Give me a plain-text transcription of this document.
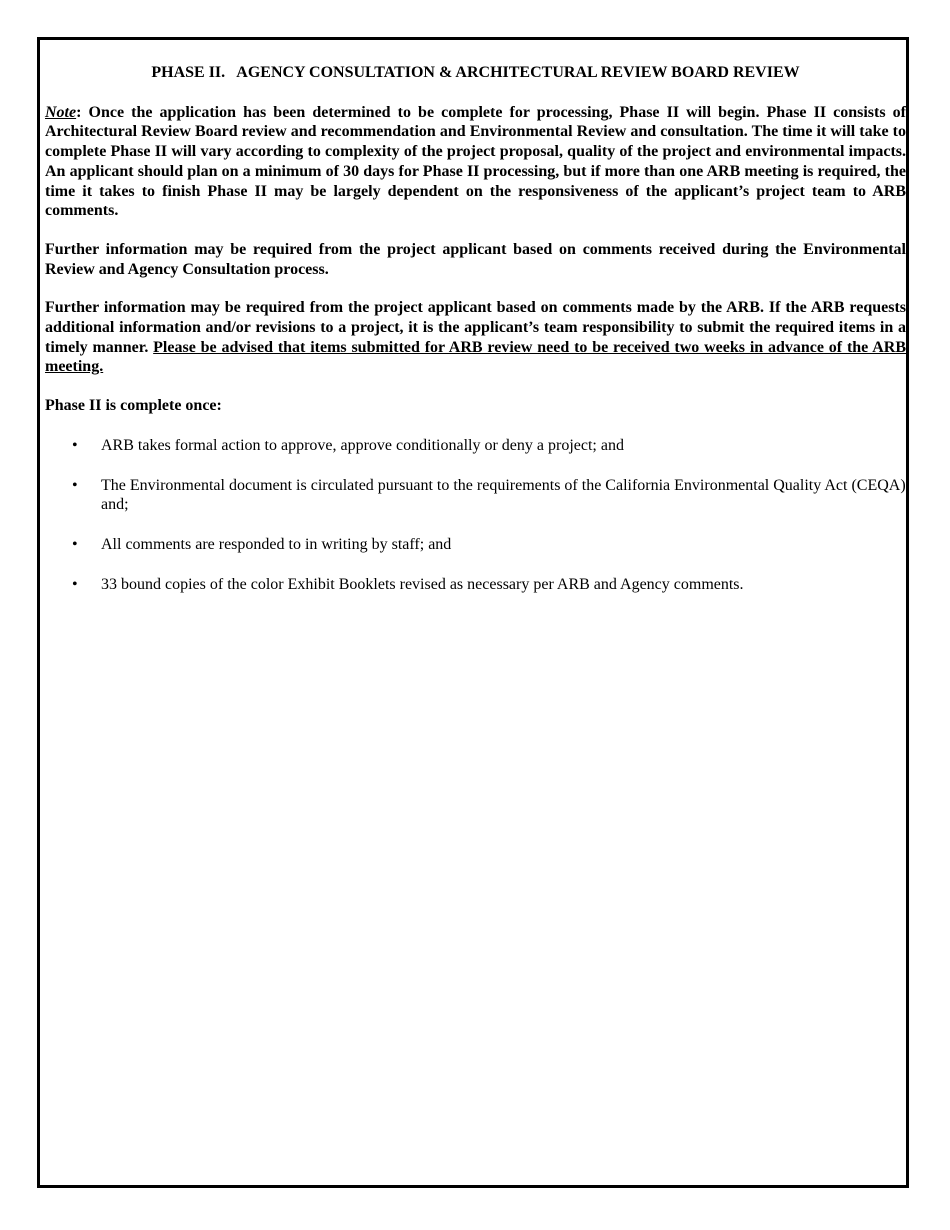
PHASE II.   AGENCY CONSULTATION & ARCHITECTURAL REVIEW BOARD REVIEW

Note: Once the application has been determined to be complete for processing, Phase II will begin. Phase II consists of Architectural Review Board review and recommendation and Environmental Review and consultation. The time it will take to complete Phase II will vary according to complexity of the project proposal, quality of the project and environmental impacts. An applicant should plan on a minimum of 30 days for Phase II processing, but if more than one ARB meeting is required, the time it takes to finish Phase II may be largely dependent on the responsiveness of the applicant’s project team to ARB comments.

Further information may be required from the project applicant based on comments received during the Environmental Review and Agency Consultation process.

Further information may be required from the project applicant based on comments made by the ARB. If the ARB requests additional information and/or revisions to a project, it is the applicant’s team responsibility to submit the required items in a timely manner. Please be advised that items submitted for ARB review need to be received two weeks in advance of the ARB meeting.

Phase II is complete once:
• ARB takes formal action to approve, approve conditionally or deny a project; and
• The Environmental document is circulated pursuant to the requirements of the California Environmental Quality Act (CEQA) and;
• All comments are responded to in writing by staff; and
• 33 bound copies of the color Exhibit Booklets revised as necessary per ARB and Agency comments.
